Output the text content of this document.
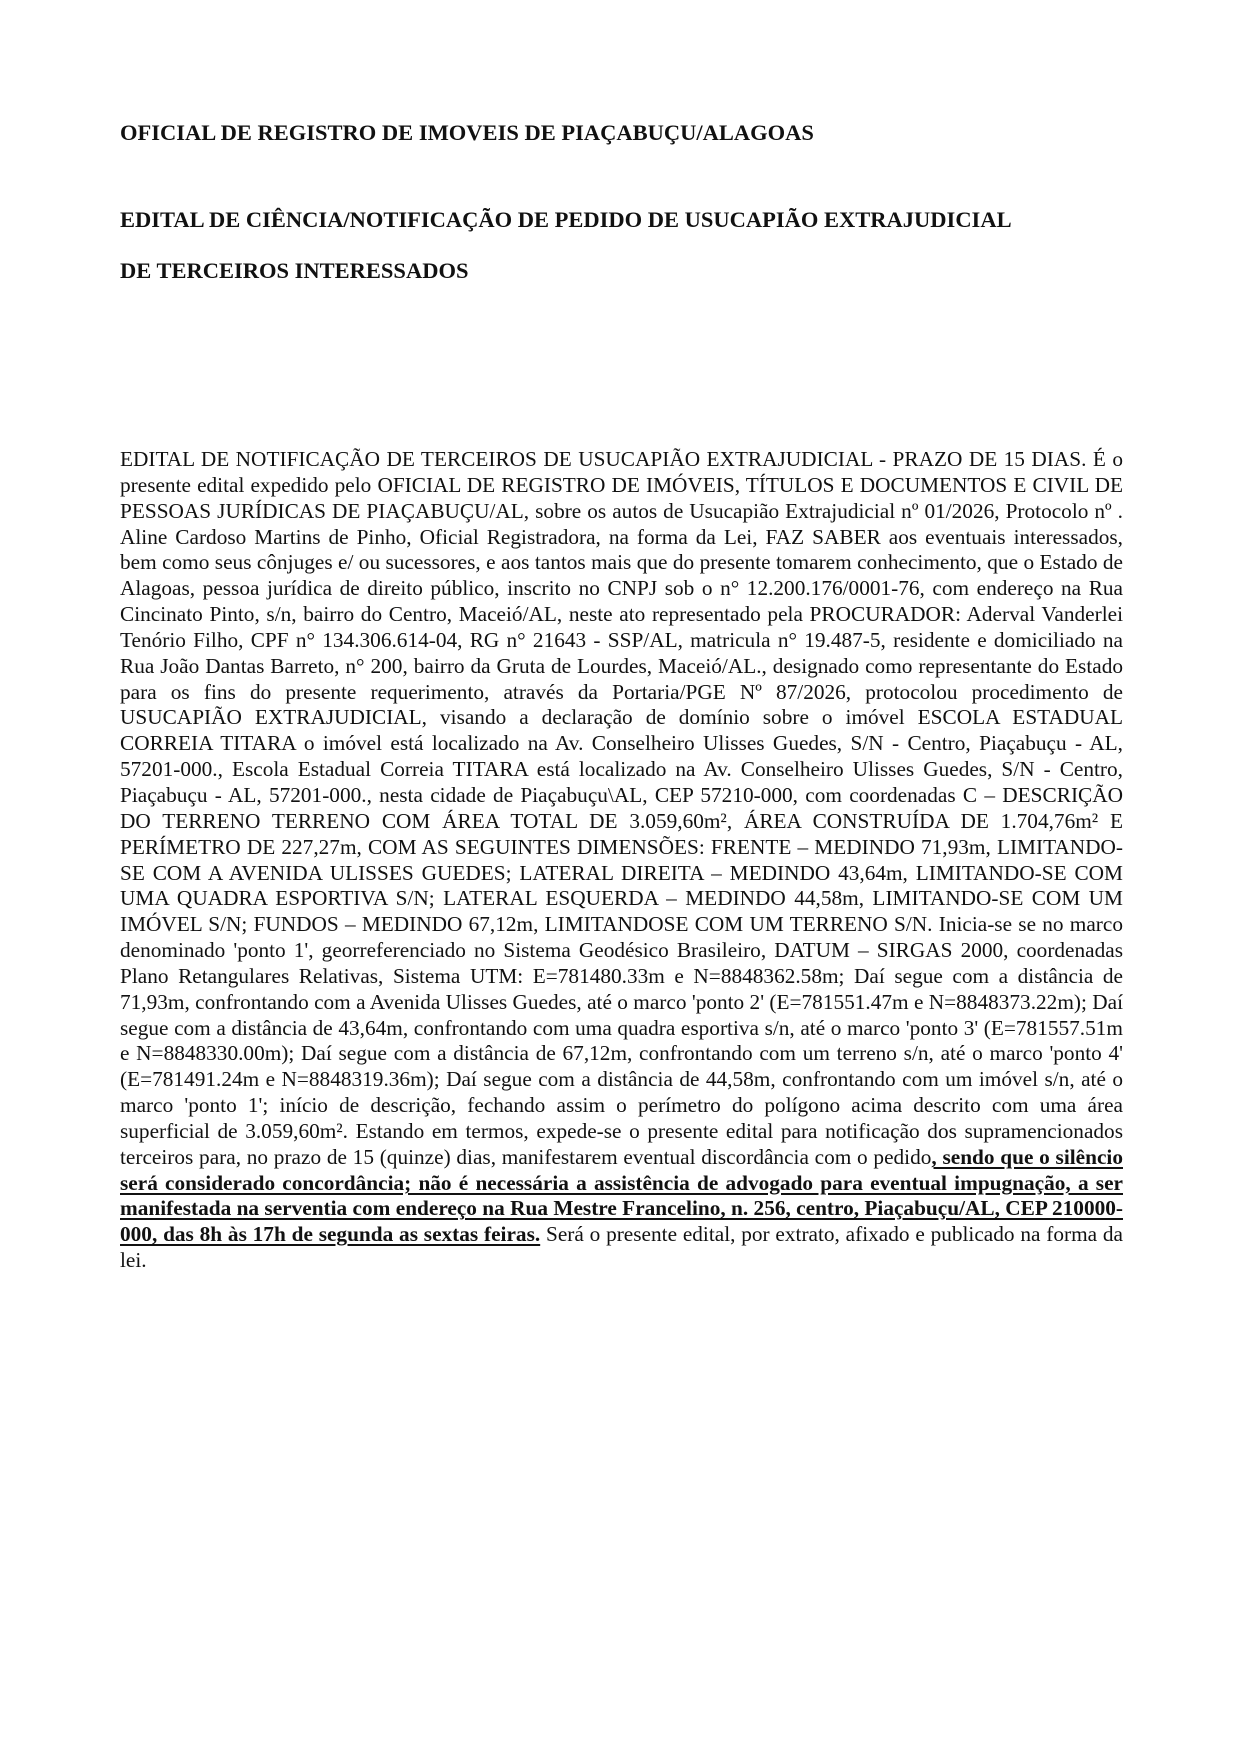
OFICIAL DE REGISTRO DE IMOVEIS DE PIAÇABUÇU/ALAGOAS
EDITAL DE CIÊNCIA/NOTIFICAÇÃO DE PEDIDO DE USUCAPIÃO EXTRAJUDICIAL
DE TERCEIROS INTERESSADOS

EDITAL DE NOTIFICAÇÃO DE TERCEIROS DE USUCAPIÃO EXTRAJUDICIAL - PRAZO DE 15 DIAS. É o presente edital expedido pelo OFICIAL DE REGISTRO DE IMÓVEIS, TÍTULOS E DOCUMENTOS E CIVIL DE PESSOAS JURÍDICAS DE PIAÇABUÇU/AL, sobre os autos de Usucapião Extrajudicial nº 01/2026, Protocolo nº . Aline Cardoso Martins de Pinho, Oficial Registradora, na forma da Lei, FAZ SABER aos eventuais interessados, bem como seus cônjuges e/ ou sucessores, e aos tantos mais que do presente tomarem conhecimento, que o Estado de Alagoas, pessoa jurídica de direito público, inscrito no CNPJ sob o n° 12.200.176/0001-76, com endereço na Rua Cincinato Pinto, s/n, bairro do Centro, Maceió/AL, neste ato representado pela PROCURADOR: Aderval Vanderlei Tenório Filho, CPF n° 134.306.614-04, RG n° 21643 - SSP/AL, matricula n° 19.487-5, residente e domiciliado na Rua João Dantas Barreto, n° 200, bairro da Gruta de Lourdes, Maceió/AL., designado como representante do Estado para os fins do presente requerimento, através da Portaria/PGE Nº 87/2026, protocolou procedimento de USUCAPIÃO EXTRAJUDICIAL, visando a declaração de domínio sobre o imóvel ESCOLA ESTADUAL CORREIA TITARA o imóvel está localizado na Av. Conselheiro Ulisses Guedes, S/N - Centro, Piaçabuçu - AL, 57201-000., Escola Estadual Correia TITARA está localizado na Av. Conselheiro Ulisses Guedes, S/N - Centro, Piaçabuçu - AL, 57201-000., nesta cidade de Piaçabuçu\AL, CEP 57210-000, com coordenadas C – DESCRIÇÃO DO TERRENO TERRENO COM ÁREA TOTAL DE 3.059,60m², ÁREA CONSTRUÍDA DE 1.704,76m² E PERÍMETRO DE 227,27m, COM AS SEGUINTES DIMENSÕES: FRENTE – MEDINDO 71,93m, LIMITANDO-SE COM A AVENIDA ULISSES GUEDES; LATERAL DIREITA – MEDINDO 43,64m, LIMITANDO-SE COM UMA QUADRA ESPORTIVA S/N; LATERAL ESQUERDA – MEDINDO 44,58m, LIMITANDO-SE COM UM IMÓVEL S/N; FUNDOS – MEDINDO 67,12m, LIMITANDOSE COM UM TERRENO S/N. Inicia-se se no marco denominado 'ponto 1', georreferenciado no Sistema Geodésico Brasileiro, DATUM – SIRGAS 2000, coordenadas Plano Retangulares Relativas, Sistema UTM: E=781480.33m e N=8848362.58m; Daí segue com a distância de 71,93m, confrontando com a Avenida Ulisses Guedes, até o marco 'ponto 2' (E=781551.47m e N=8848373.22m); Daí segue com a distância de 43,64m, confrontando com uma quadra esportiva s/n, até o marco 'ponto 3' (E=781557.51m e N=8848330.00m); Daí segue com a distância de 67,12m, confrontando com um terreno s/n, até o marco 'ponto 4' (E=781491.24m e N=8848319.36m); Daí segue com a distância de 44,58m, confrontando com um imóvel s/n, até o marco 'ponto 1'; início de descrição, fechando assim o perímetro do polígono acima descrito com uma área superficial de 3.059,60m². Estando em termos, expede-se o presente edital para notificação dos supramencionados terceiros para, no prazo de 15 (quinze) dias, manifestarem eventual discordância com o pedido, sendo que o silêncio será considerado concordância; não é necessária a assistência de advogado para eventual impugnação, a ser manifestada na serventia com endereço na Rua Mestre Francelino, n. 256, centro, Piaçabuçu/AL, CEP 210000-000, das 8h às 17h de segunda as sextas feiras. Será o presente edital, por extrato, afixado e publicado na forma da lei.
